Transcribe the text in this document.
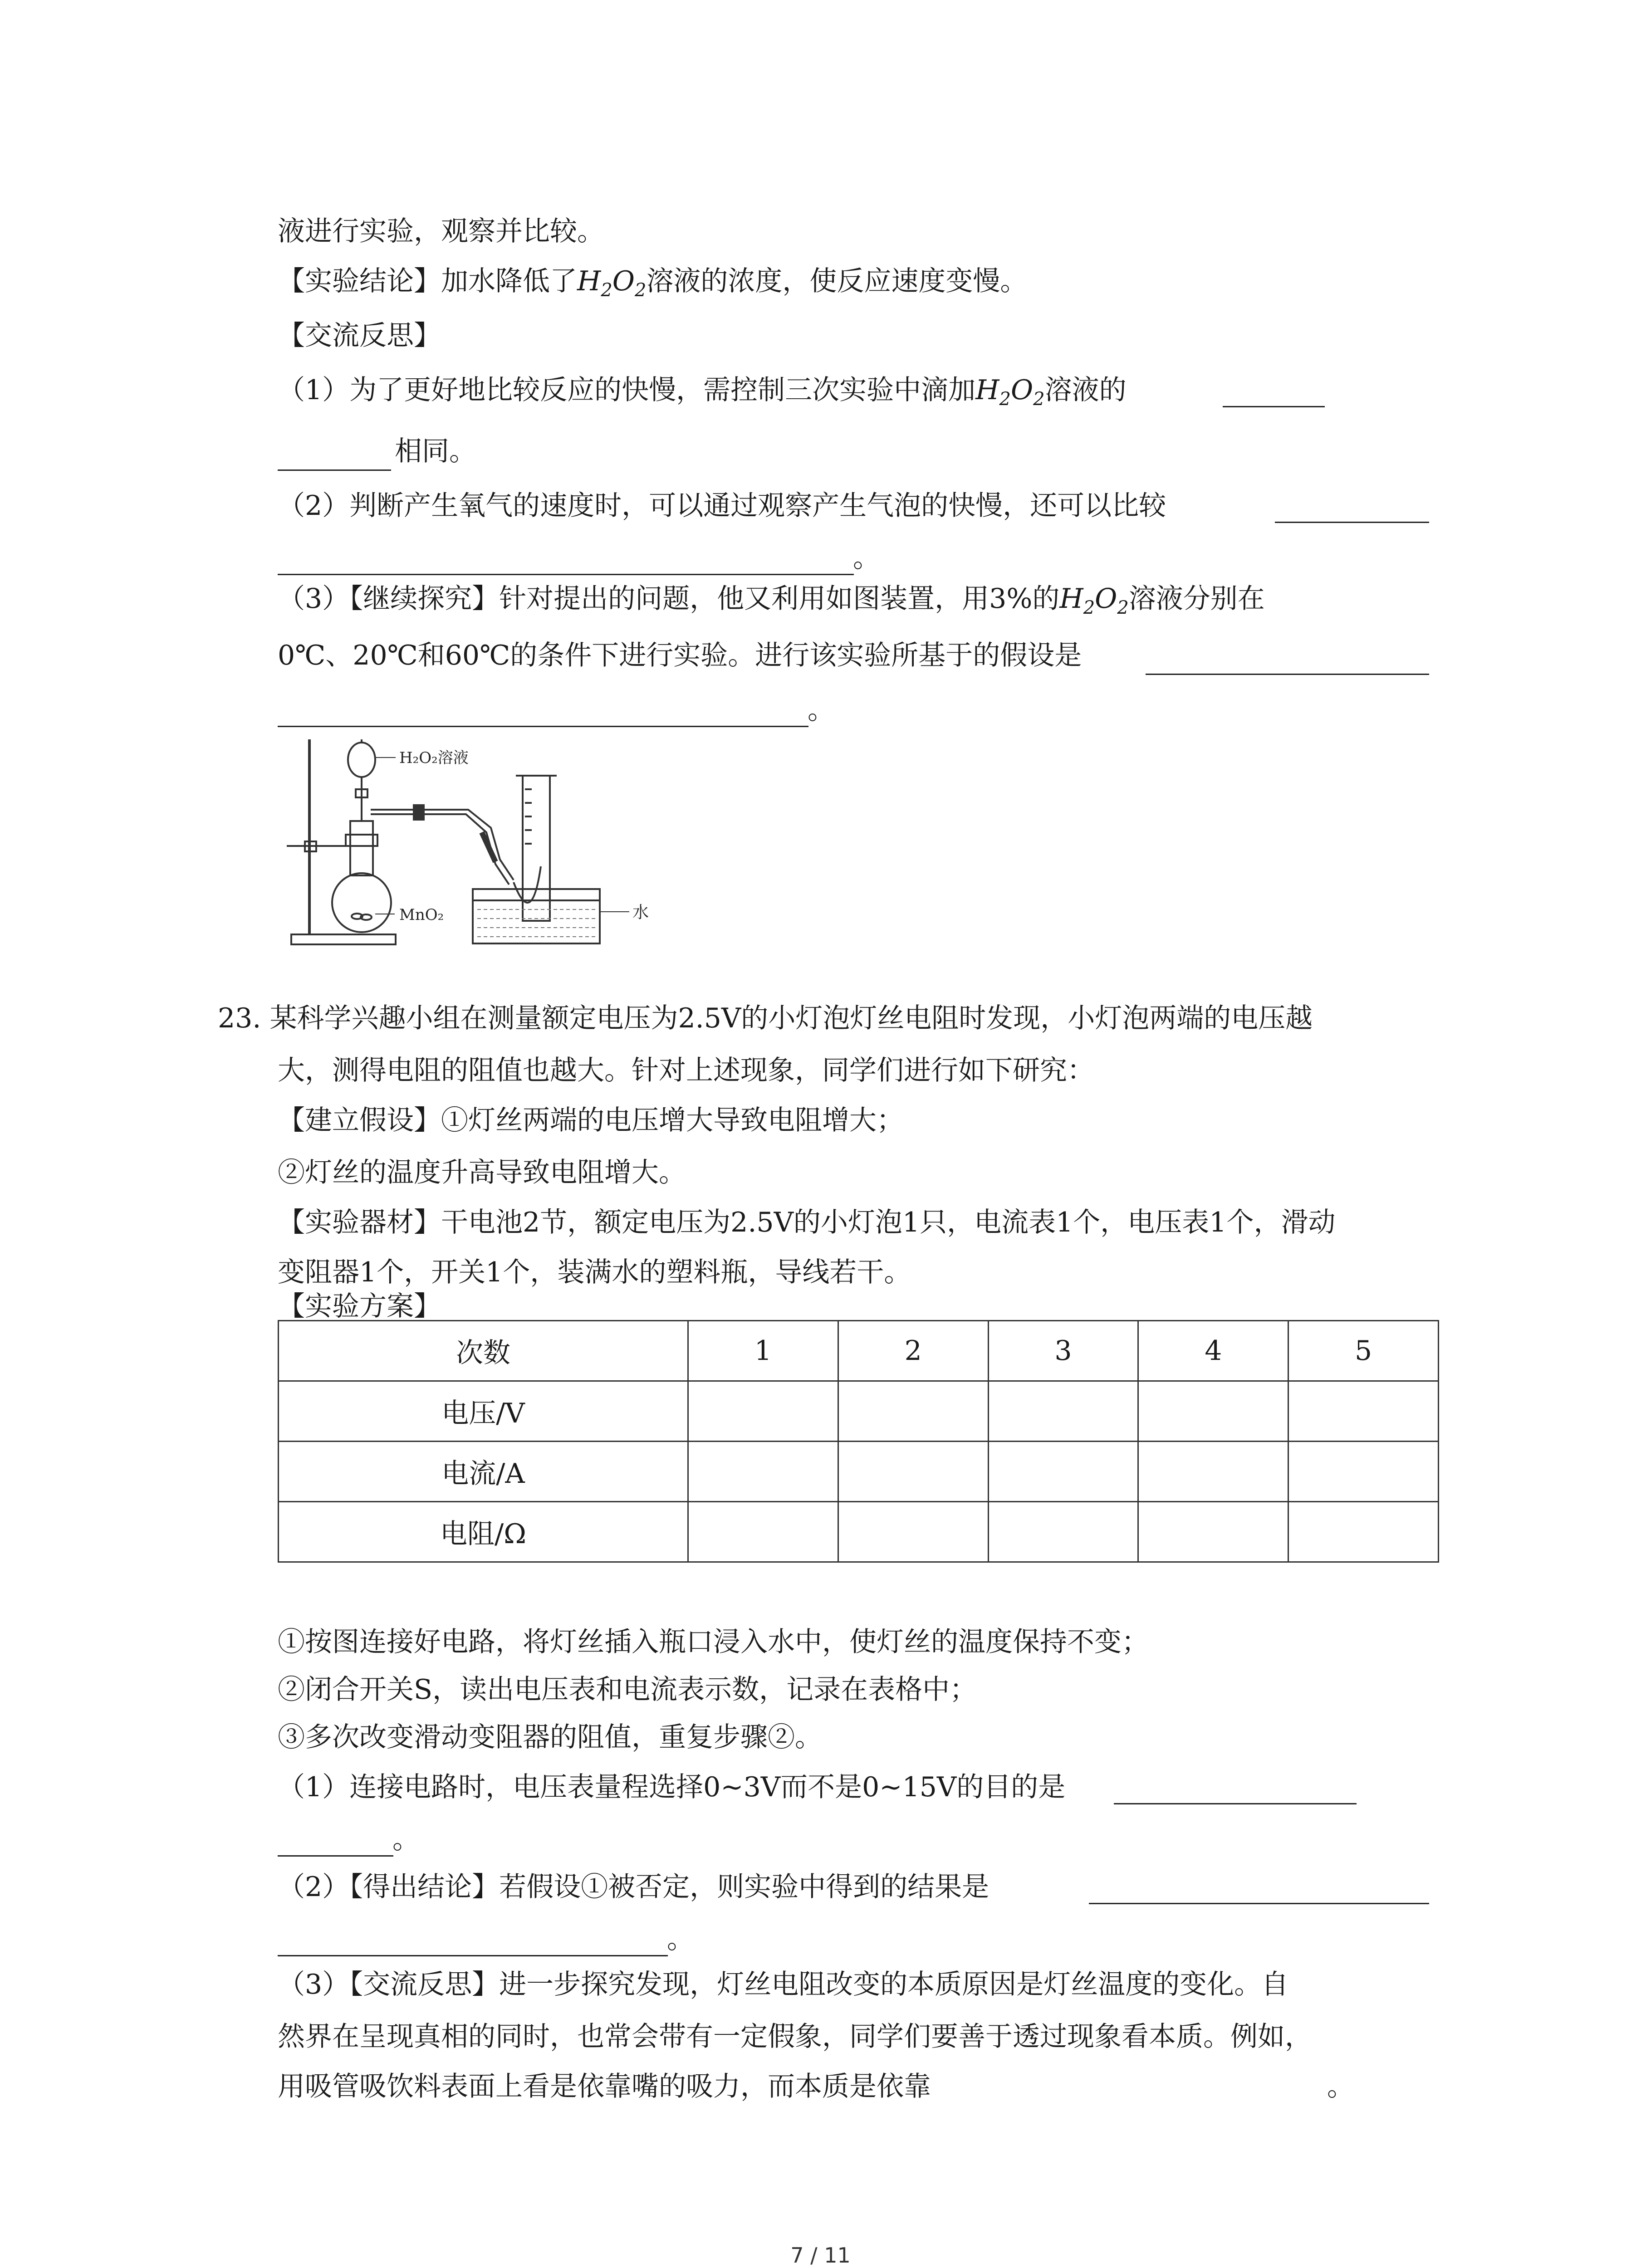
液进行实验，观察并比较。
【实验结论】加水降低了$H_2O_2$溶液的浓度，使反应速度变慢。
【交流反思】
（1）为了更好地比较反应的快慢，需控制三次实验中滴加$H_2O_2$溶液的
相同。
（2）判断产生氧气的速度时，可以通过观察产生气泡的快慢，还可以比较
。
（3）【继续探究】针对提出的问题，他又利用如图装置，用3%的$H_2O_2$溶液分别在
0℃、20℃和60℃的条件下进行实验。进行该实验所基于的假设是
。
H₂O₂溶液
MnO₂	水
23. 某科学兴趣小组在测量额定电压为2.5V的小灯泡灯丝电阻时发现，小灯泡两端的电压越
大，测得电阻的阻值也越大。针对上述现象，同学们进行如下研究：
【建立假设】①灯丝两端的电压增大导致电阻增大；
②灯丝的温度升高导致电阻增大。
【实验器材】干电池2节，额定电压为2.5V的小灯泡1只，电流表1个，电压表1个，滑动
变阻器1个，开关1个，装满水的塑料瓶，导线若干。
【实验方案】
次数	1	2	3	4	5
电压/V					
电流/A					
电阻/Ω					
①按图连接好电路，将灯丝插入瓶口浸入水中，使灯丝的温度保持不变；
②闭合开关S，读出电压表和电流表示数，记录在表格中；
③多次改变滑动变阻器的阻值，重复步骤②。
（1）连接电路时，电压表量程选择0~3V而不是0~15V的目的是
。
（2）【得出结论】若假设①被否定，则实验中得到的结果是
。
（3）【交流反思】进一步探究发现，灯丝电阻改变的本质原因是灯丝温度的变化。自
然界在呈现真相的同时，也常会带有一定假象，同学们要善于透过现象看本质。例如，
用吸管吸饮料表面上看是依靠嘴的吸力，而本质是依靠	。
7 / 11
